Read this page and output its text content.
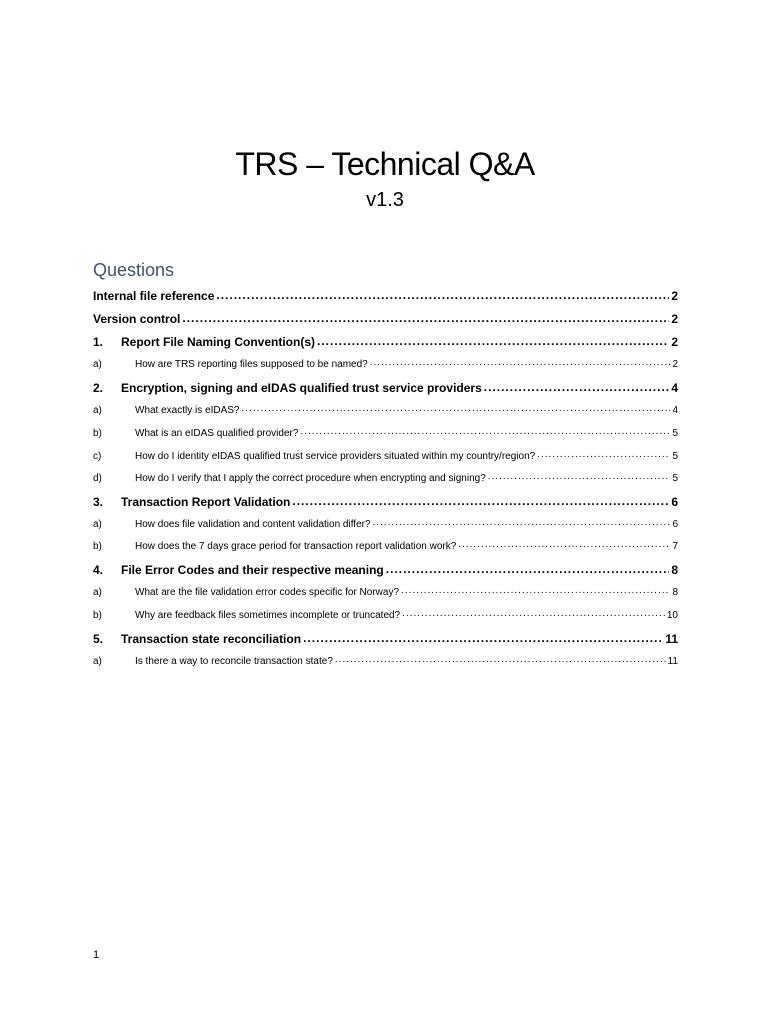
TRS – Technical Q&A
v1.3
Questions
Internal file reference .....	2
Version control .....	2
1.	Report File Naming Convention(s) .....	2
a)	How are TRS reporting files supposed to be named? .....	2
2.	Encryption, signing and eIDAS qualified trust service providers .....	4
a)	What exactly is eIDAS? .....	4
b)	What is an eIDAS qualified provider? .....	5
c)	How do I identity eIDAS qualified trust service providers situated within my country/region? .....	5
d)	How do I verify that I apply the correct procedure when encrypting and signing? .....	5
3.	Transaction Report Validation .....	6
a)	How does file validation and content validation differ? .....	6
b)	How does the 7 days grace period for transaction report validation work? .....	7
4.	File Error Codes and their respective meaning .....	8
a)	What are the file validation error codes specific for Norway? .....	8
b)	Why are feedback files sometimes incomplete or truncated? .....	10
5.	Transaction state reconciliation .....	11
a)	Is there a way to reconcile transaction state? .....	11
1
